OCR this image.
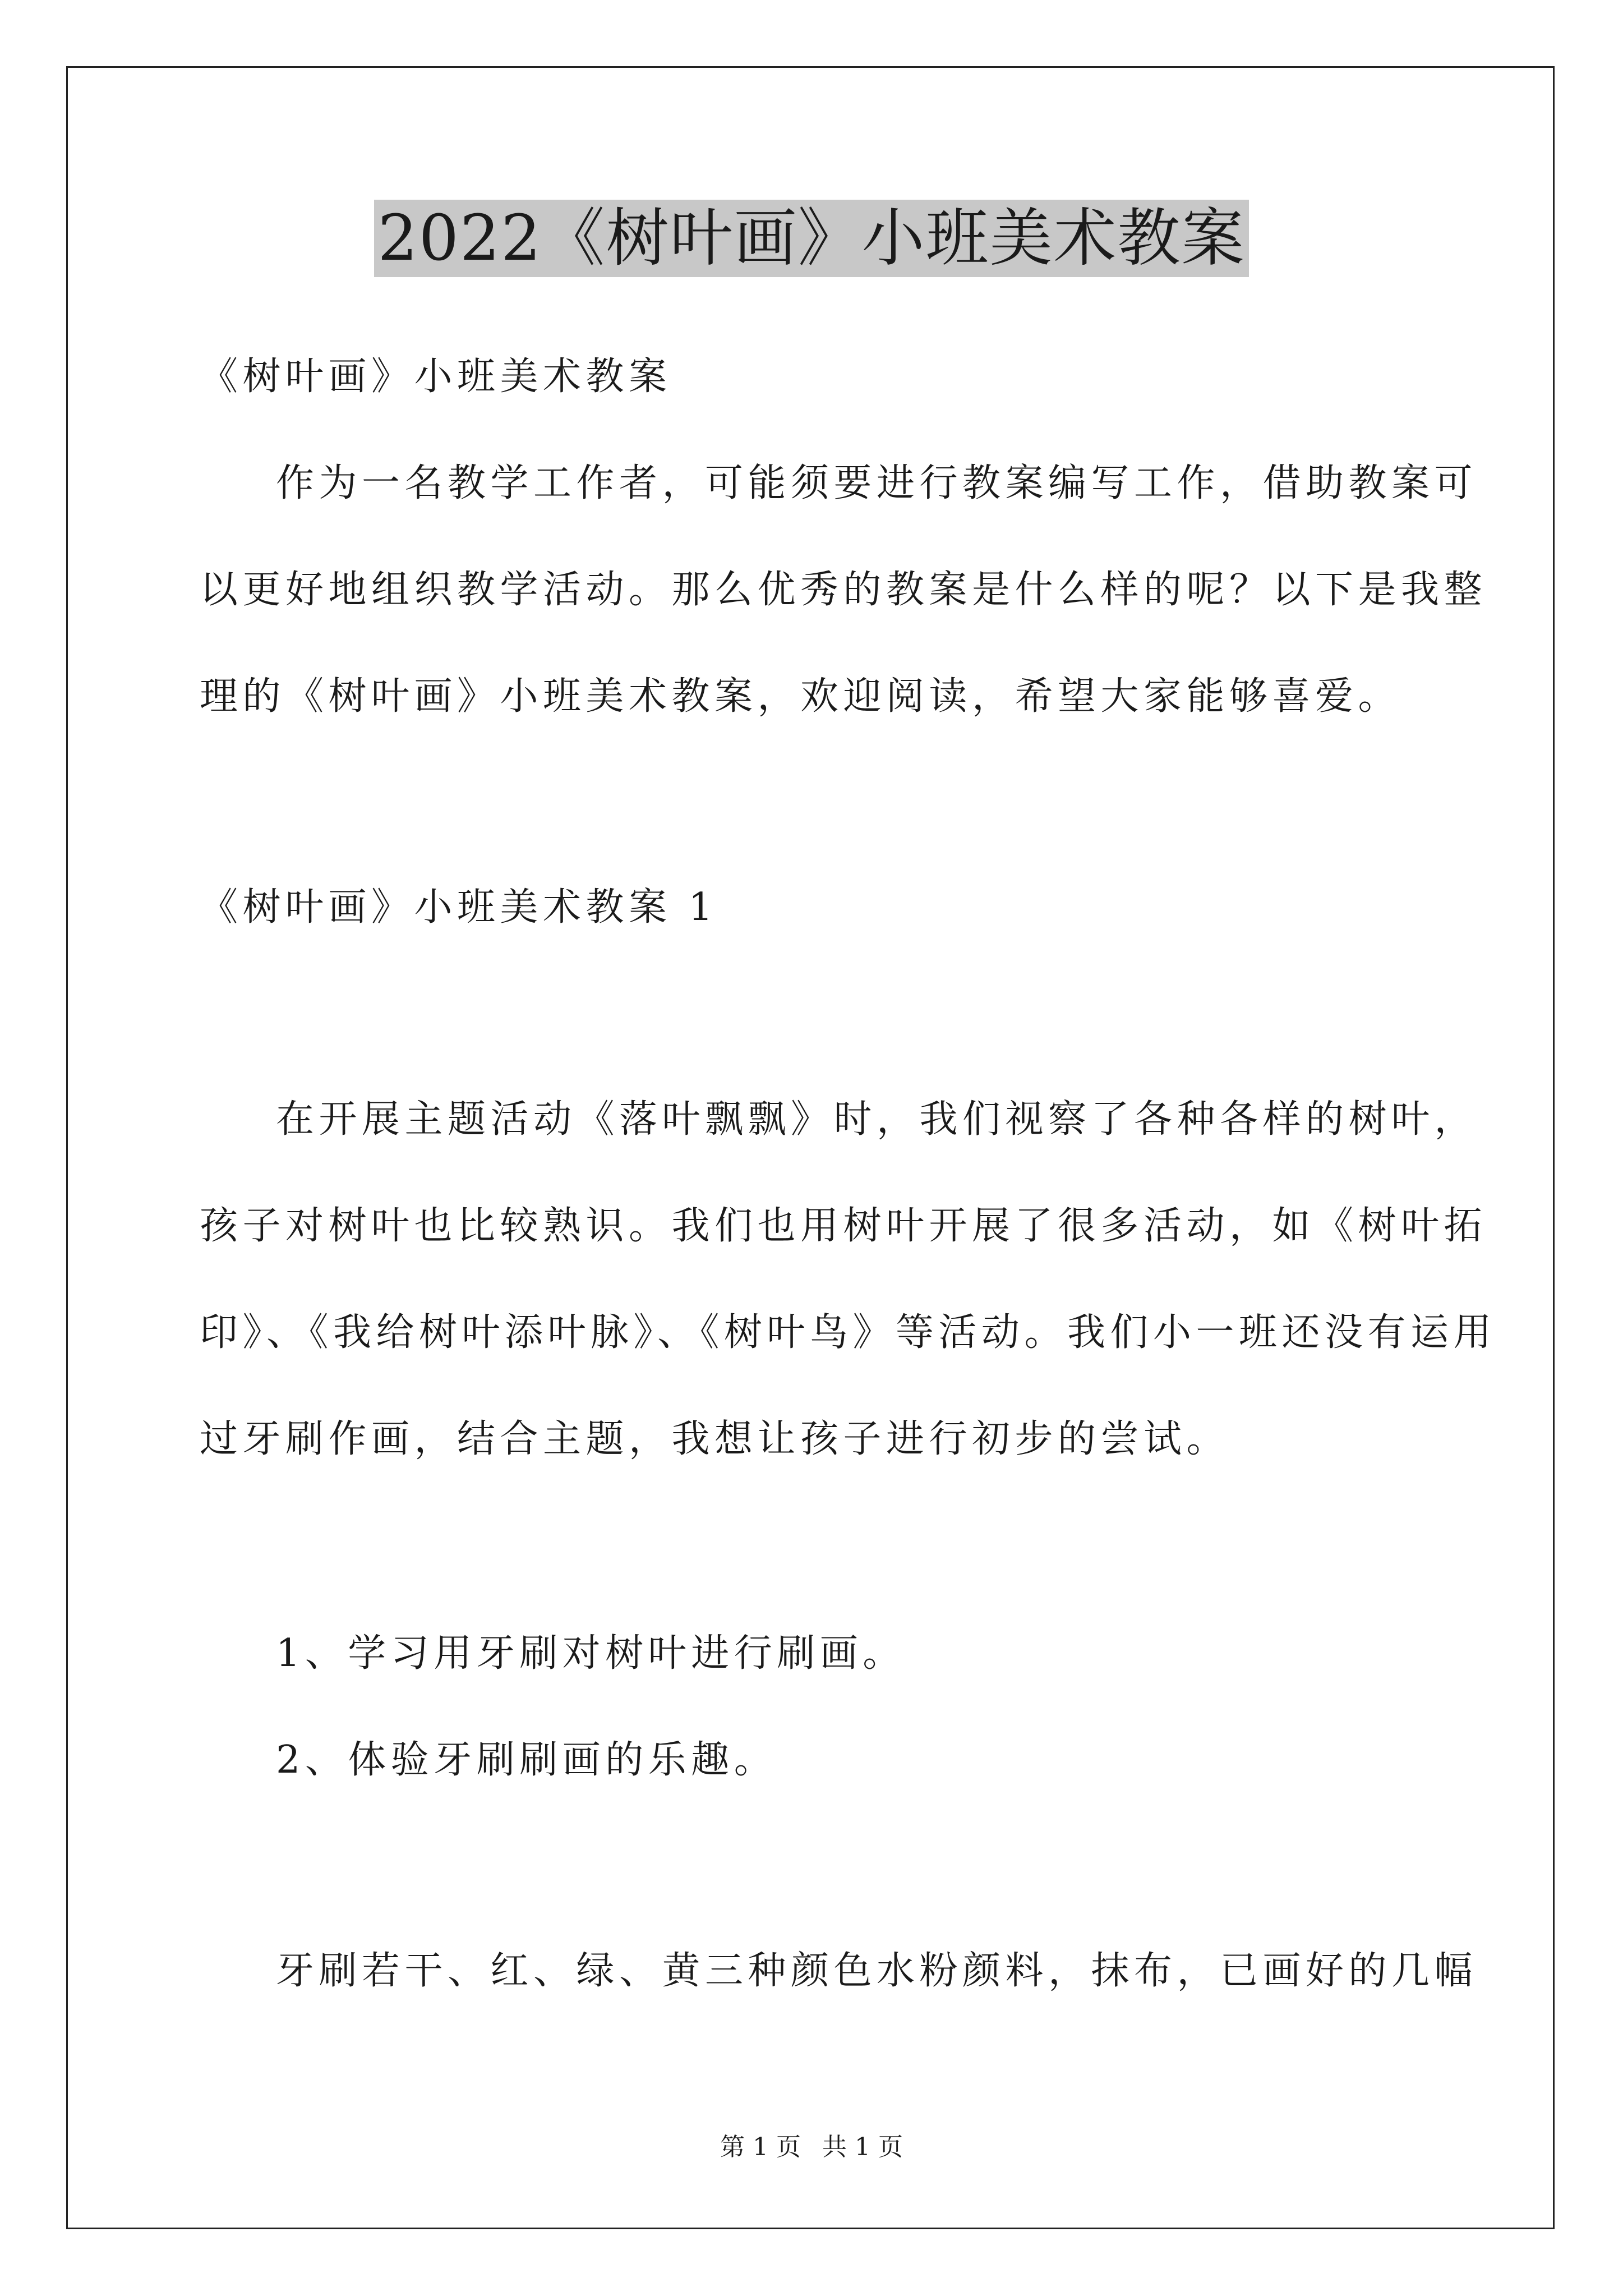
2022《树叶画》小班美术教案
《树叶画》小班美术教案
作为一名教学工作者，可能须要进行教案编写工作，借助教案可
以更好地组织教学活动。那么优秀的教案是什么样的呢？以下是我整
理的《树叶画》小班美术教案，欢迎阅读，希望大家能够喜爱。
《树叶画》小班美术教案 1
在开展主题活动《落叶飘飘》时，我们视察了各种各样的树叶，
孩子对树叶也比较熟识。我们也用树叶开展了很多活动，如《树叶拓
印》、《我给树叶添叶脉》、《树叶鸟》等活动。我们小一班还没有运用
过牙刷作画，结合主题，我想让孩子进行初步的尝试。
1、学习用牙刷对树叶进行刷画。
2、体验牙刷刷画的乐趣。
牙刷若干、红、绿、黄三种颜色水粉颜料，抹布，已画好的几幅
第 1 页 共 1 页
